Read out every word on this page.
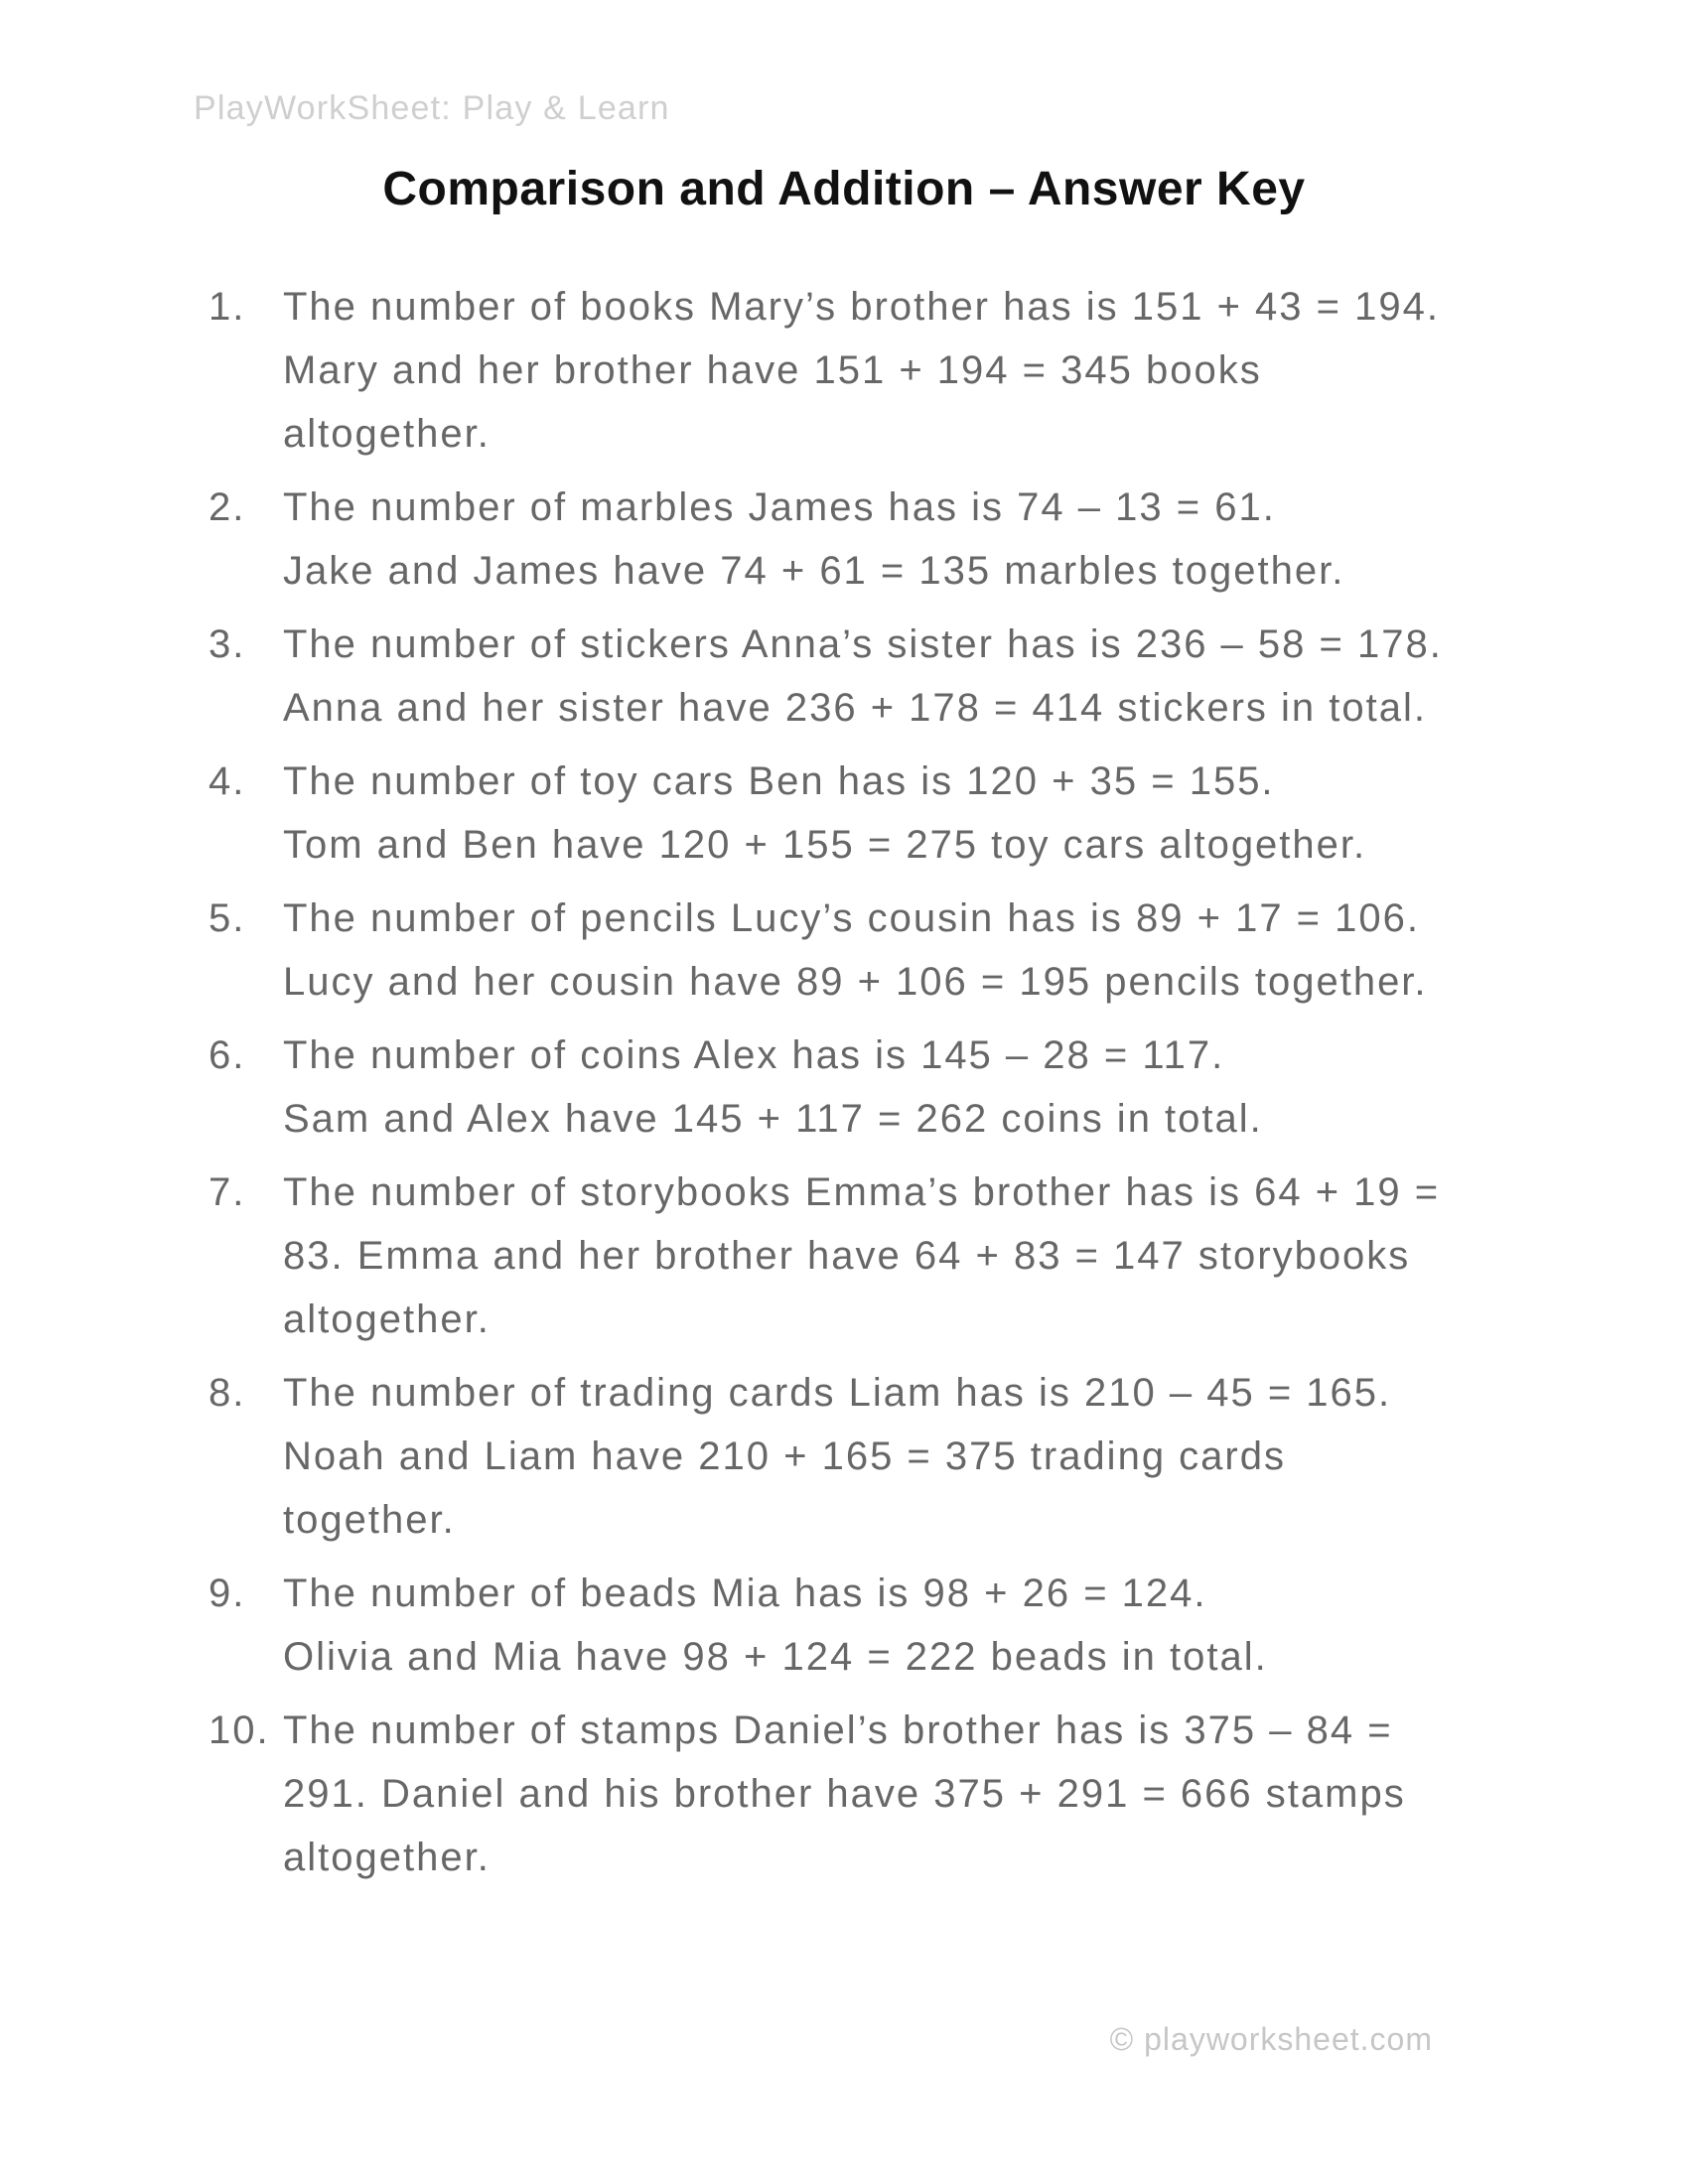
PlayWorkSheet: Play & Learn
Comparison and Addition – Answer Key
1. The number of books Mary’s brother has is 151 + 43 = 194.
Mary and her brother have 151 + 194 = 345 books
altogether.
2. The number of marbles James has is 74 – 13 = 61.
Jake and James have 74 + 61 = 135 marbles together.
3. The number of stickers Anna’s sister has is 236 – 58 = 178.
Anna and her sister have 236 + 178 = 414 stickers in total.
4. The number of toy cars Ben has is 120 + 35 = 155.
Tom and Ben have 120 + 155 = 275 toy cars altogether.
5. The number of pencils Lucy’s cousin has is 89 + 17 = 106.
Lucy and her cousin have 89 + 106 = 195 pencils together.
6. The number of coins Alex has is 145 – 28 = 117.
Sam and Alex have 145 + 117 = 262 coins in total.
7. The number of storybooks Emma’s brother has is 64 + 19 =
83. Emma and her brother have 64 + 83 = 147 storybooks
altogether.
8. The number of trading cards Liam has is 210 – 45 = 165.
Noah and Liam have 210 + 165 = 375 trading cards
together.
9. The number of beads Mia has is 98 + 26 = 124.
Olivia and Mia have 98 + 124 = 222 beads in total.
10. The number of stamps Daniel’s brother has is 375 – 84 =
291. Daniel and his brother have 375 + 291 = 666 stamps
altogether.
© playworksheet.com
